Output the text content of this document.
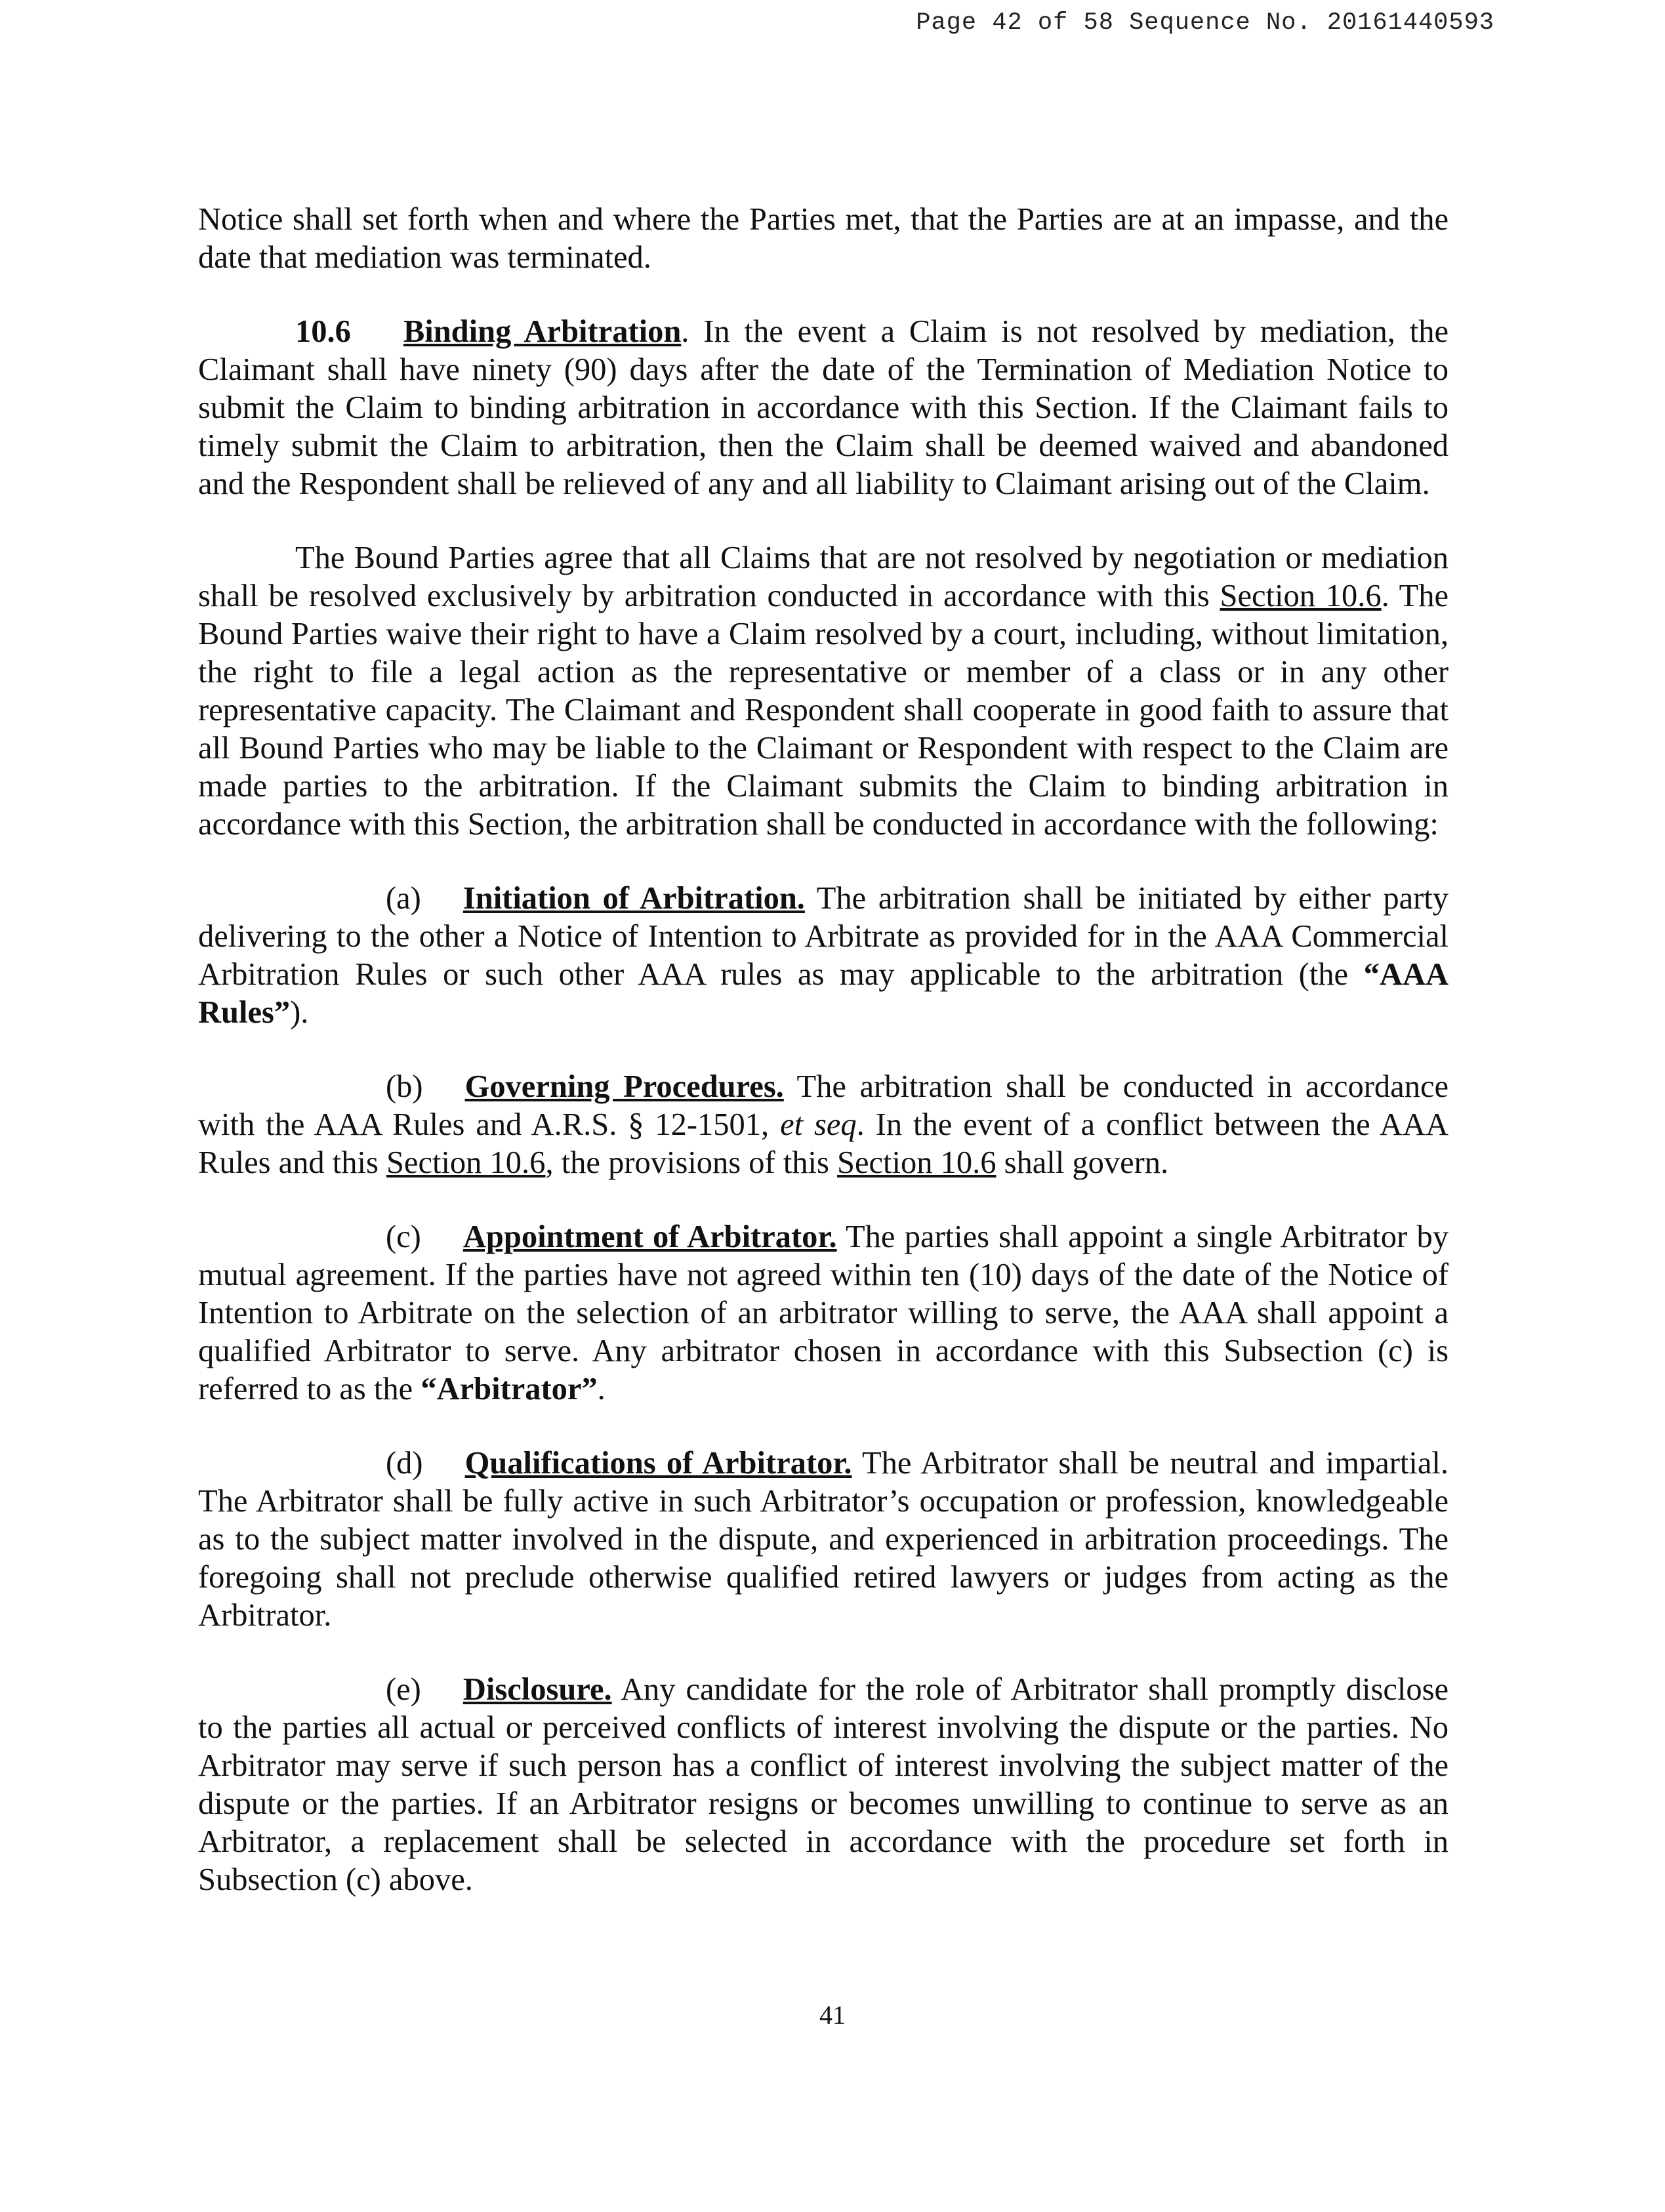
Page 42 of 58 Sequence No. 20161440593

Notice shall set forth when and where the Parties met, that the Parties are at an impasse, and the date that mediation was terminated.

10.6 Binding Arbitration. In the event a Claim is not resolved by mediation, the Claimant shall have ninety (90) days after the date of the Termination of Mediation Notice to submit the Claim to binding arbitration in accordance with this Section. If the Claimant fails to timely submit the Claim to arbitration, then the Claim shall be deemed waived and abandoned and the Respondent shall be relieved of any and all liability to Claimant arising out of the Claim.

The Bound Parties agree that all Claims that are not resolved by negotiation or mediation shall be resolved exclusively by arbitration conducted in accordance with this Section 10.6. The Bound Parties waive their right to have a Claim resolved by a court, including, without limitation, the right to file a legal action as the representative or member of a class or in any other representative capacity. The Claimant and Respondent shall cooperate in good faith to assure that all Bound Parties who may be liable to the Claimant or Respondent with respect to the Claim are made parties to the arbitration. If the Claimant submits the Claim to binding arbitration in accordance with this Section, the arbitration shall be conducted in accordance with the following:

(a) Initiation of Arbitration. The arbitration shall be initiated by either party delivering to the other a Notice of Intention to Arbitrate as provided for in the AAA Commercial Arbitration Rules or such other AAA rules as may applicable to the arbitration (the “AAA Rules”).

(b) Governing Procedures. The arbitration shall be conducted in accordance with the AAA Rules and A.R.S. § 12-1501, et seq. In the event of a conflict between the AAA Rules and this Section 10.6, the provisions of this Section 10.6 shall govern.

(c) Appointment of Arbitrator. The parties shall appoint a single Arbitrator by mutual agreement. If the parties have not agreed within ten (10) days of the date of the Notice of Intention to Arbitrate on the selection of an arbitrator willing to serve, the AAA shall appoint a qualified Arbitrator to serve. Any arbitrator chosen in accordance with this Subsection (c) is referred to as the “Arbitrator”.

(d) Qualifications of Arbitrator. The Arbitrator shall be neutral and impartial. The Arbitrator shall be fully active in such Arbitrator’s occupation or profession, knowledgeable as to the subject matter involved in the dispute, and experienced in arbitration proceedings. The foregoing shall not preclude otherwise qualified retired lawyers or judges from acting as the Arbitrator.

(e) Disclosure. Any candidate for the role of Arbitrator shall promptly disclose to the parties all actual or perceived conflicts of interest involving the dispute or the parties. No Arbitrator may serve if such person has a conflict of interest involving the subject matter of the dispute or the parties. If an Arbitrator resigns or becomes unwilling to continue to serve as an Arbitrator, a replacement shall be selected in accordance with the procedure set forth in Subsection (c) above.

41
